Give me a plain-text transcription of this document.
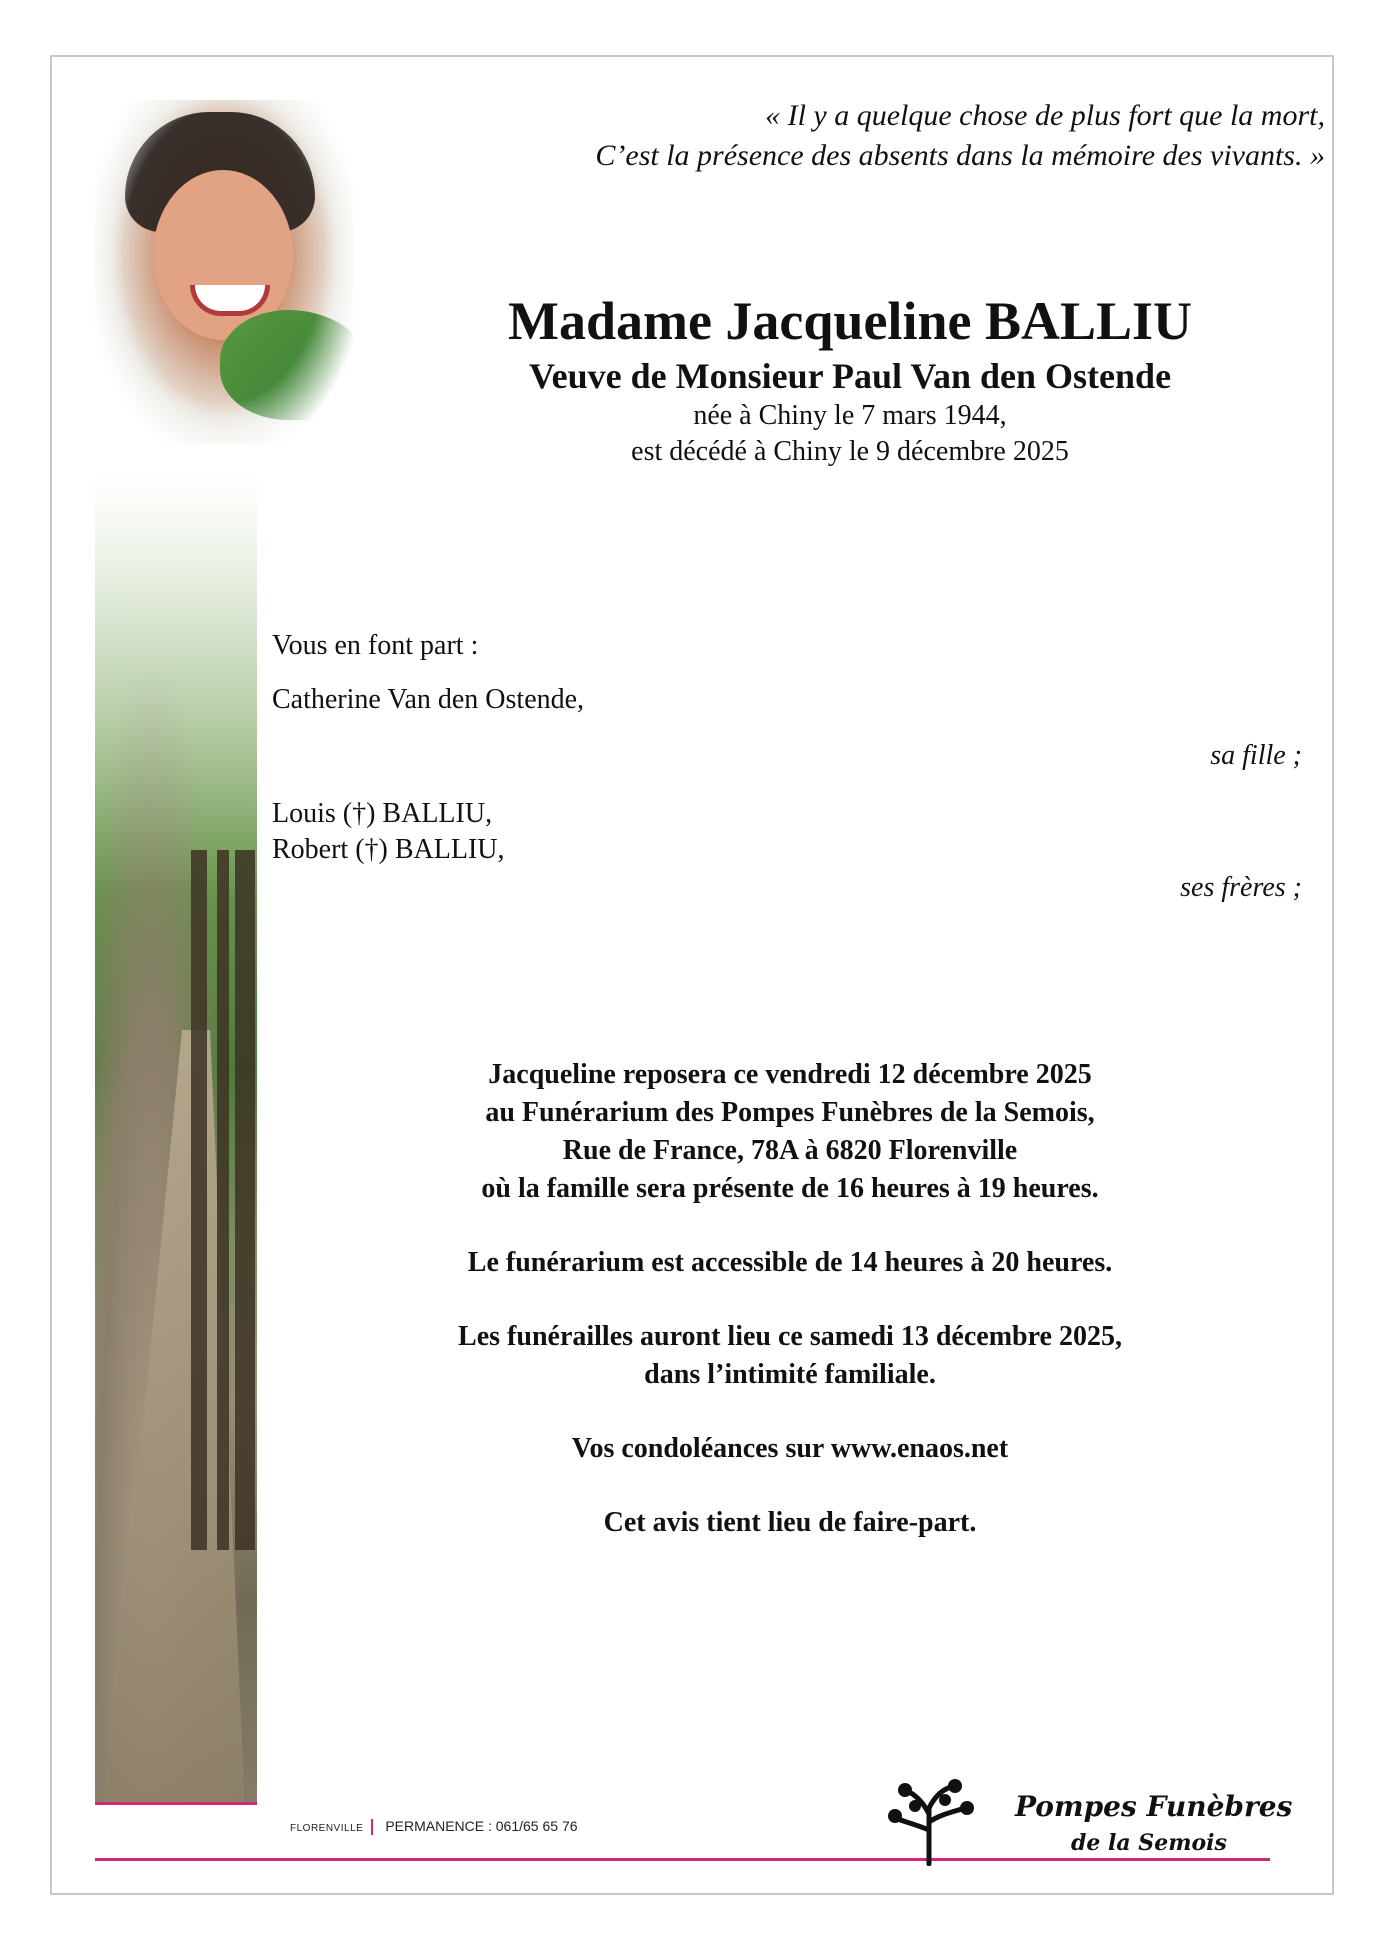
« Il y a quelque chose de plus fort que la mort,
C’est la présence des absents dans la mémoire des vivants. »
Madame Jacqueline BALLIU
Veuve de Monsieur Paul Van den Ostende
née à Chiny le 7 mars 1944,
est décédé à Chiny le 9 décembre 2025
Vous en font part :
Catherine Van den Ostende,
sa fille ;
Louis (†) BALLIU,
Robert (†) BALLIU,
ses frères ;

Jacqueline reposera ce vendredi 12 décembre 2025

au Funérarium des Pompes Funèbres de la Semois,

Rue de France, 78A à 6820 Florenville

où la famille sera présente de 16 heures à 19 heures.

Le funérarium est accessible de 14 heures à 20 heures.

Les funérailles auront lieu ce samedi 13 décembre 2025,

dans l’intimité familiale.

Vos condoléances sur www.enaos.net

Cet avis tient lieu de faire-part.

FLORENVILLE PERMANENCE : 061/65 65 76
Pompes Funèbres
de la Semois
